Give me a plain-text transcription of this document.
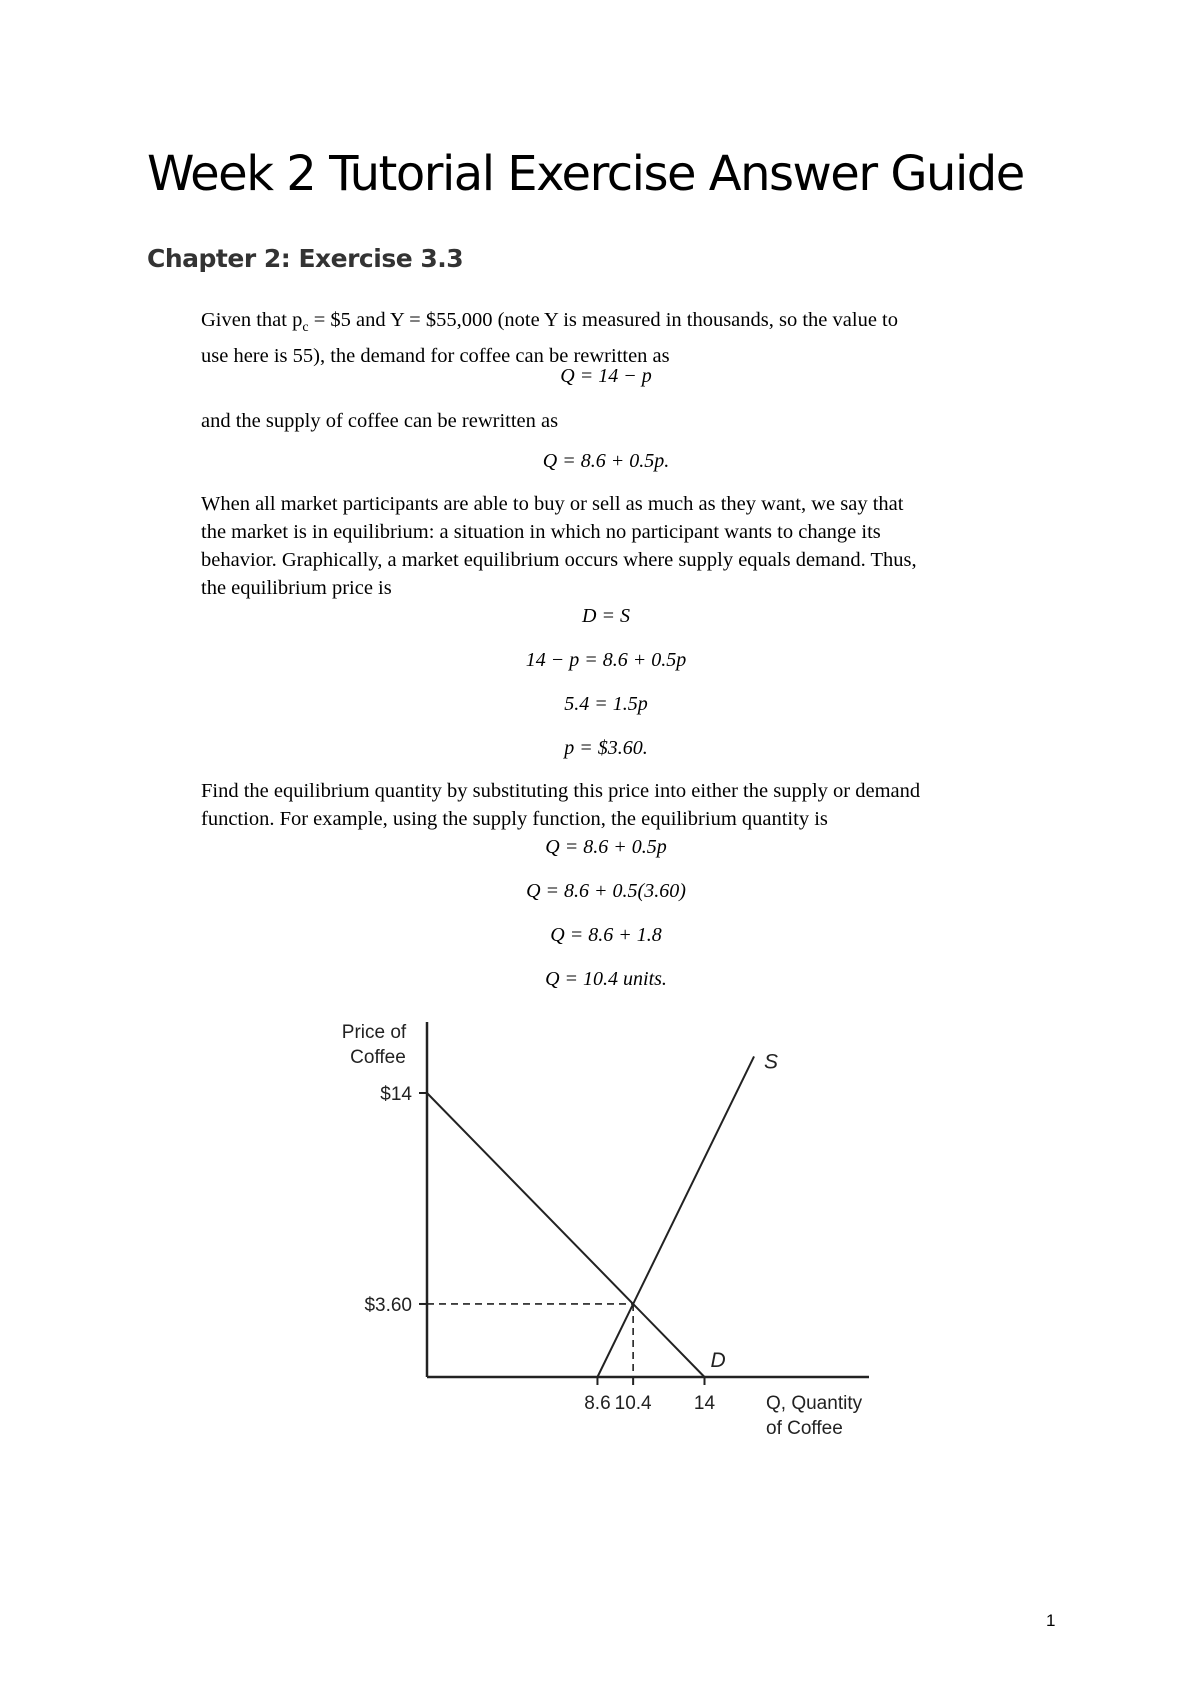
Week 2 Tutorial Exercise Answer Guide
Chapter 2: Exercise 3.3

Given that $p_c$ = $5 and Y = $55,000 (note Y is measured in thousands, so the value to
use here is 55), the demand for coffee can be rewritten as

Q = 14 − p

and the supply of coffee can be rewritten as

Q = 8.6 + 0.5p.

When all market participants are able to buy or sell as much as they want, we say that
the market is in equilibrium: a situation in which no participant wants to change its
behavior. Graphically, a market equilibrium occurs where supply equals demand. Thus,
the equilibrium price is

D = S

14 − p = 8.6 + 0.5p

5.4 = 1.5p

p = $3.60.

Find the equilibrium quantity by substituting this price into either the supply or demand
function. For example, using the supply function, the equilibrium quantity is

Q = 8.6 + 0.5p

Q = 8.6 + 0.5(3.60)

Q = 8.6 + 1.8

Q = 10.4 units.

Price of
Coffee
Q, Quantity
of Coffee
$14
$3.60
8.6 10.4 14
D
S
1
